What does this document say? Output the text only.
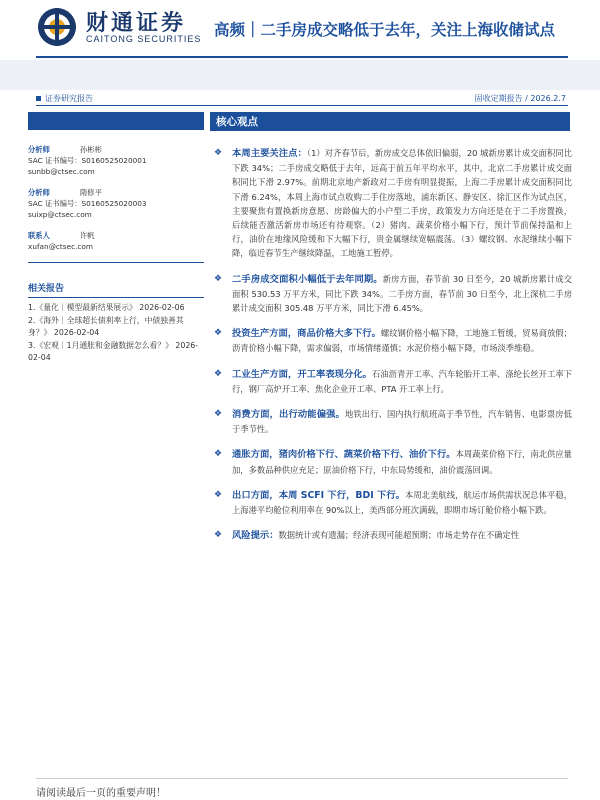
财通证券
CAITONG SECURITIES 高频｜二手房成交略低于去年，关注上海收储试点
证券研究报告	固收定期报告 / 2026.2.7
分析师	孙彬彬
SAC 证书编号：S0160525020001
sunbb@ctsec.com
分析师	隋修平
SAC 证书编号：S0160525020003
suixp@ctsec.com
联系人	许帆
xufan@ctsec.com
相关报告
1.《量化｜模型最新结果展示》 2026-02-06
2.《海外｜全球超长债利率上行，中债独善其身？》 2026-02-04
3.《宏观｜1月通胀和金融数据怎么看？》 2026-02-04
核心观点
❖ 本周主要关注点：（1）对齐春节后，新房成交总体依旧偏弱，20 城新房累计成交面积同比下跌 34%；二手房成交略低于去年，远高于前五年平均水平，其中，北京二手房累计成交面积同比下滑 2.97%。前期北京地产新政对二手房有明显提振，上海二手房累计成交面积同比下滑 6.24%，本周上海市试点收购二手住房落地，浦东新区、静安区、徐汇区作为试点区，主要聚焦有置换新房意愿、房龄偏大的小户型二手房，政策发力方向还是在于二手房置换，后续能否激活新房市场还有待观察。（2）猪肉、蔬菜价格小幅下行，预计节前保持温和上行，油价在地缘风险缓和下大幅下行，贵金属继续宽幅震荡。（3）螺纹钢、水泥继续小幅下降，临近春节生产继续降温，工地施工暂停。
❖ 二手房成交面积小幅低于去年同期。新房方面，春节前 30 日至今，20 城新房累计成交面积 530.53 万平方米，同比下跌 34%。二手房方面，春节前 30 日至今，北上深杭二手房累计成交面积 305.48 万平方米，同比下滑 6.45%。
❖ 投资生产方面，商品价格大多下行。螺纹钢价格小幅下降，工地施工暂缓，贸易商放假；沥青价格小幅下降，需求偏弱，市场情绪谨慎；水泥价格小幅下降，市场淡季维稳。
❖ 工业生产方面，开工率表现分化。石油沥青开工率、汽车轮胎开工率、涤纶长丝开工率下行，钢厂高炉开工率、焦化企业开工率、PTA 开工率上行。
❖ 消费方面，出行动能偏强。地铁出行、国内执行航班高于季节性，汽车销售、电影票房低于季节性。
❖ 通胀方面，猪肉价格下行、蔬菜价格下行、油价下行。本周蔬菜价格下行，南北供应量加，多数品种供应充足；原油价格下行，中东局势缓和，油价震荡回调。
❖ 出口方面，本周 SCFI 下行，BDI 下行。本周北美航线，航运市场供需状况总体平稳，上海港平均舱位利用率在 90%以上，美西部分班次满载，即期市场订舱价格小幅下跌。
❖ 风险提示：数据统计或有遗漏；经济表现可能超预期；市场走势存在不确定性
请阅读最后一页的重要声明！
